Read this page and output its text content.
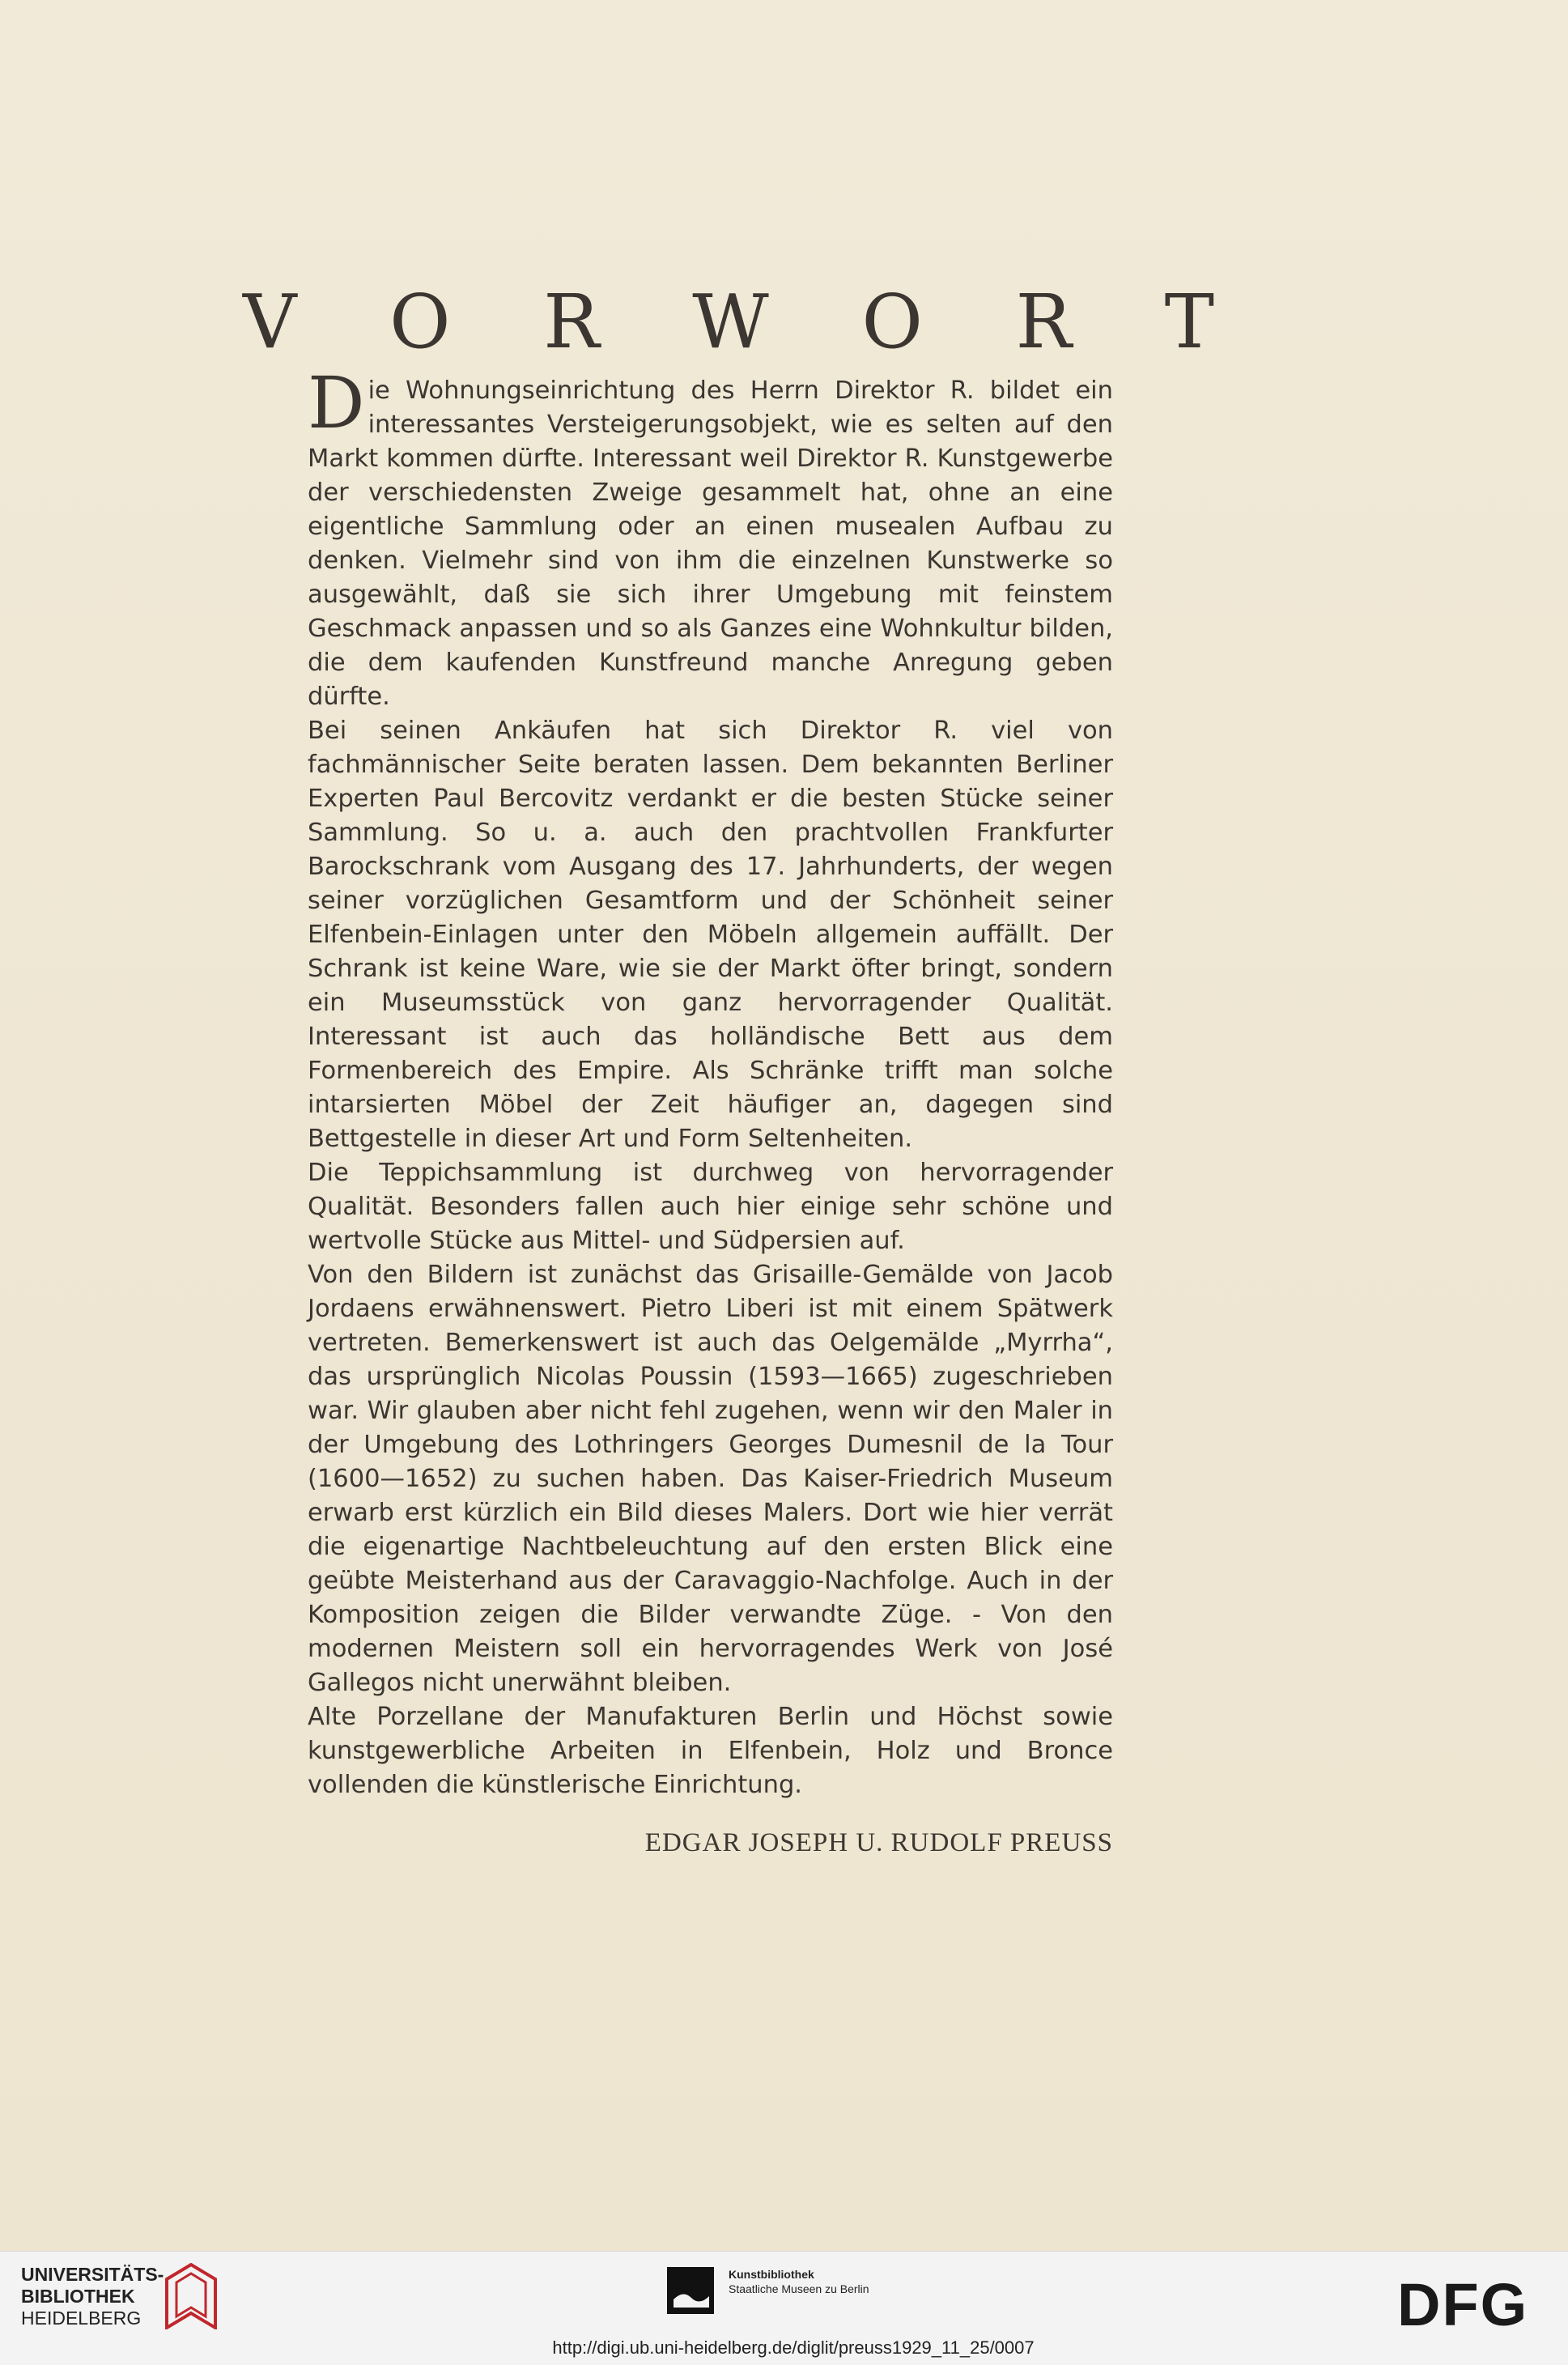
V O R W O R T

Die Wohnungseinrichtung des Herrn Direktor R. bildet ein interessantes Versteigerungsobjekt, wie es selten auf den Markt kommen dürfte. Interessant weil Direktor R. Kunstgewerbe der verschiedensten Zweige gesammelt hat, ohne an eine eigentliche Sammlung oder an einen musealen Aufbau zu denken. Vielmehr sind von ihm die einzelnen Kunstwerke so ausgewählt, daß sie sich ihrer Umgebung mit feinstem Geschmack anpassen und so als Ganzes eine Wohnkultur bilden, die dem kaufenden Kunstfreund manche Anregung geben dürfte.

Bei seinen Ankäufen hat sich Direktor R. viel von fachmännischer Seite beraten lassen. Dem bekannten Berliner Experten Paul Bercovitz verdankt er die besten Stücke seiner Sammlung. So u. a. auch den prachtvollen Frankfurter Barockschrank vom Ausgang des 17. Jahrhunderts, der wegen seiner vorzüglichen Gesamtform und der Schönheit seiner Elfenbein-Einlagen unter den Möbeln allgemein auffällt. Der Schrank ist keine Ware, wie sie der Markt öfter bringt, sondern ein Museumsstück von ganz hervorragender Qualität. Interessant ist auch das holländische Bett aus dem Formenbereich des Empire. Als Schränke trifft man solche intarsierten Möbel der Zeit häufiger an, dagegen sind Bettgestelle in dieser Art und Form Seltenheiten.

Die Teppichsammlung ist durchweg von hervorragender Qualität. Besonders fallen auch hier einige sehr schöne und wertvolle Stücke aus Mittel- und Südpersien auf.

Von den Bildern ist zunächst das Grisaille-Gemälde von Jacob Jordaens erwähnenswert. Pietro Liberi ist mit einem Spätwerk vertreten. Bemerkenswert ist auch das Oelgemälde „Myrrha“, das ursprünglich Nicolas Poussin (1593—1665) zugeschrieben war. Wir glauben aber nicht fehl zugehen, wenn wir den Maler in der Umgebung des Lothringers Georges Dumesnil de la Tour (1600—1652) zu suchen haben. Das Kaiser-Friedrich Museum erwarb erst kürzlich ein Bild dieses Malers. Dort wie hier verrät die eigenartige Nachtbeleuchtung auf den ersten Blick eine geübte Meisterhand aus der Caravaggio-Nachfolge. Auch in der Komposition zeigen die Bilder verwandte Züge. - Von den modernen Meistern soll ein hervorragendes Werk von José Gallegos nicht unerwähnt bleiben.

Alte Porzellane der Manufakturen Berlin und Höchst sowie kunstgewerbliche Arbeiten in Elfenbein, Holz und Bronce vollenden die künstlerische Einrichtung.

EDGAR JOSEPH U. RUDOLF PREUSS
UNIVERSITÄTS-
BIBLIOTHEK
HEIDELBERG
Kunstbibliothek
Staatliche Museen zu Berlin	DFG
http://digi.ub.uni-heidelberg.de/diglit/preuss1929_11_25/0007
